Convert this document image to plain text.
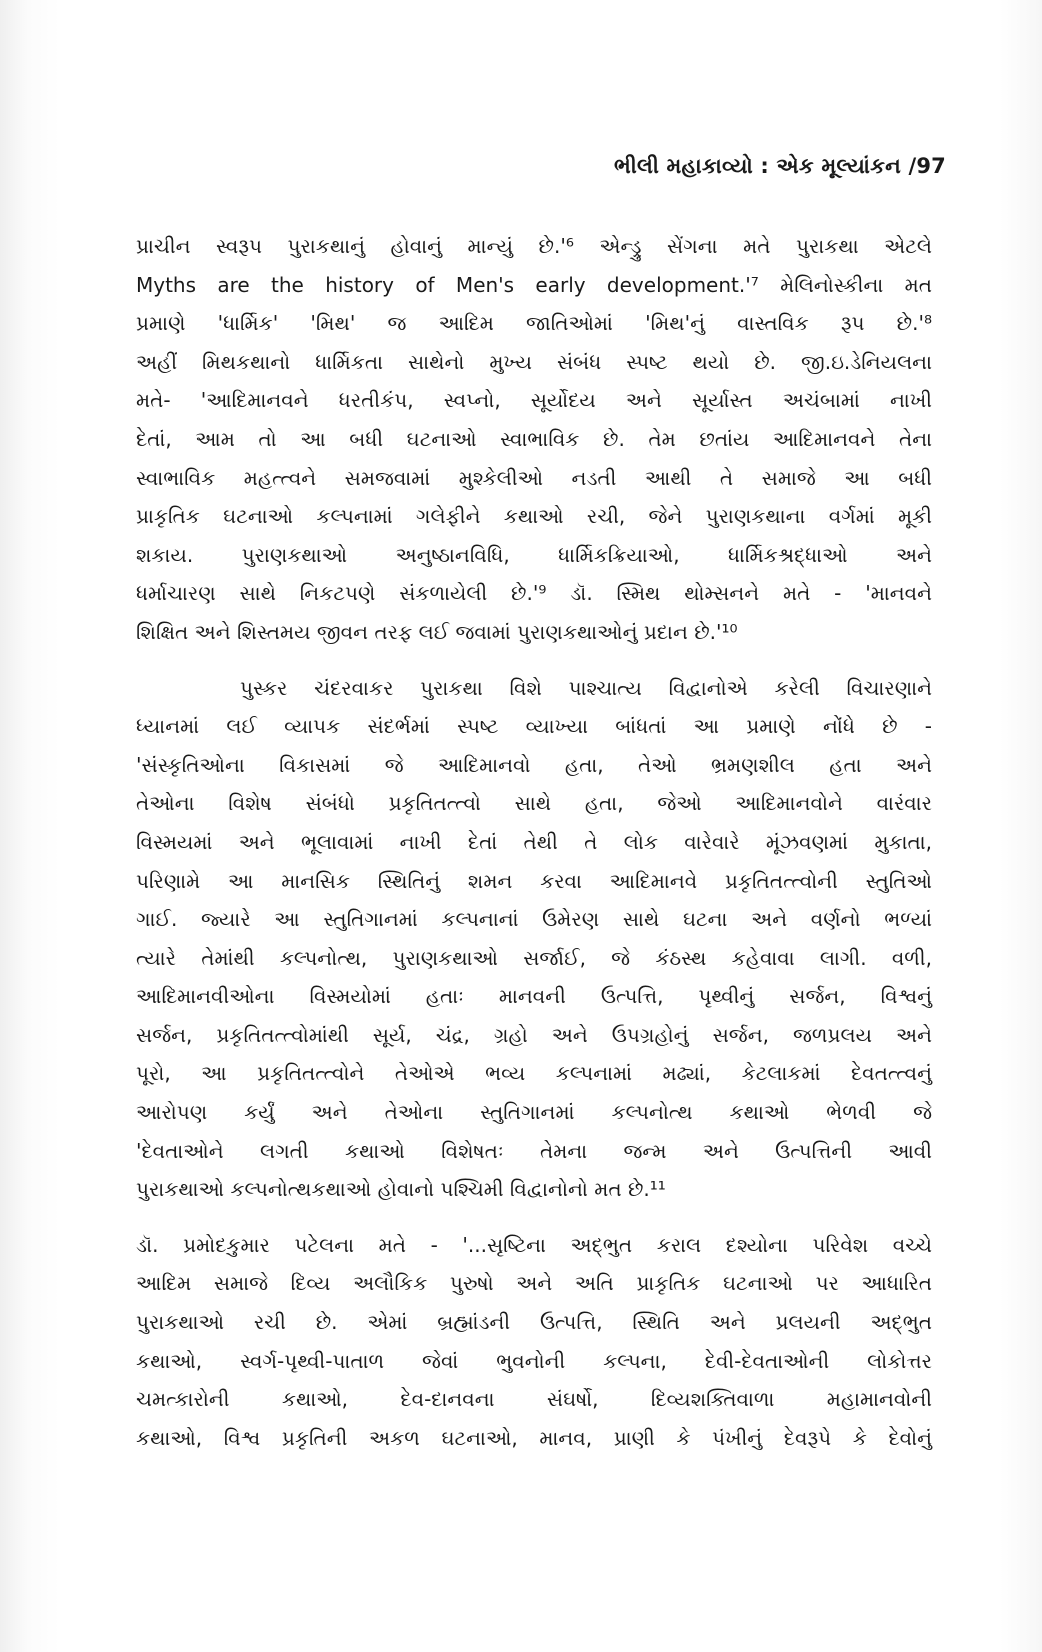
ભીલી મહાકાવ્યો : એક મૂલ્યાંકન /97
પ્રાચીન સ્વરૂપ પુરાકથાનું હોવાનું માન્યું છે.'⁶ એન્ડ્રુ સેંગના મતે પુરાકથા એટલે
Myths are the history of Men's early development.'⁷ મેલિનોસ્કીના મત
પ્રમાણે 'ધાર્મિક' 'મિથ' જ આદિમ જાતિઓમાં 'મિથ'નું વાસ્તવિક રૂપ છે.'⁸
અહીં મિથકથાનો ધાર્મિકતા સાથેનો મુખ્ય સંબંધ સ્પષ્ટ થયો છે. જી.ઇ.ડેનિયલના
મતે- 'આદિમાનવને ધરતીકંપ, સ્વપ્નો, સૂર્યોદય અને સૂર્યાસ્ત અચંબામાં નાખી
દેતાં, આમ તો આ બધી ઘટનાઓ સ્વાભાવિક છે. તેમ છતાંય આદિમાનવને તેના
સ્વાભાવિક મહત્ત્વને સમજવામાં મુશ્કેલીઓ નડતી આથી તે સમાજે આ બધી
પ્રાકૃતિક ઘટનાઓ કલ્પનામાં ગલેફીને કથાઓ રચી, જેને પુરાણકથાના વર્ગમાં મૂકી
શકાય. પુરાણકથાઓ અનુષ્ઠાનવિધિ, ધાર્મિકક્રિયાઓ, ધાર્મિકશ્રદ્ધાઓ અને
ધર્માચારણ સાથે નિકટપણે સંકળાયેલી છે.'⁹ ડૉ. સ્મિથ થોમ્સનને મતે - 'માનવને
શિક્ષિત અને શિસ્તમય જીવન તરફ લઈ જવામાં પુરાણકથાઓનું પ્રદાન છે.'¹⁰
પુસ્કર ચંદરવાકર પુરાકથા વિશે પાશ્ચાત્ય વિદ્વાનોએ કરેલી વિચારણાને
ધ્યાનમાં લઈ વ્યાપક સંદર્ભમાં સ્પષ્ટ વ્યાખ્યા બાંધતાં આ પ્રમાણે નોંધે છે -
'સંસ્કૃતિઓના વિકાસમાં જે આદિમાનવો હતા, તેઓ ભ્રમણશીલ હતા અને
તેઓના વિશેષ સંબંધો પ્રકૃતિતત્ત્વો સાથે હતા, જેઓ આદિમાનવોને વારંવાર
વિસ્મયમાં અને ભૂલાવામાં નાખી દેતાં તેથી તે લોક વારેવારે મૂંઝવણમાં મુકાતા,
પરિણામે આ માનસિક સ્થિતિનું શમન કરવા આદિમાનવે પ્રકૃતિતત્ત્વોની સ્તુતિઓ
ગાઈ. જ્યારે આ સ્તુતિગાનમાં કલ્પનાનાં ઉમેરણ સાથે ઘટના અને વર્ણનો ભળ્યાં
ત્યારે તેમાંથી કલ્પનોત્થ, પુરાણકથાઓ સર્જાઈ, જે કંઠસ્થ કહેવાવા લાગી. વળી,
આદિમાનવીઓના વિસ્મયોમાં હતાઃ માનવની ઉત્પત્તિ, પૃથ્વીનું સર્જન, વિશ્વનું
સર્જન, પ્રકૃતિતત્ત્વોમાંથી સૂર્ય, ચંદ્ર, ગ્રહો અને ઉપગ્રહોનું સર્જન, જળપ્રલય અને
પૂરો, આ પ્રકૃતિતત્ત્વોને તેઓએ ભવ્ય કલ્પનામાં મઢ્યાં, કેટલાકમાં દેવતત્ત્વનું
આરોપણ કર્યું અને તેઓના સ્તુતિગાનમાં કલ્પનોત્થ કથાઓ ભેળવી જે
'દેવતાઓને લગતી કથાઓ વિશેષતઃ તેમના જન્મ અને ઉત્પત્તિની આવી
પુરાકથાઓ કલ્પનોત્થકથાઓ હોવાનો પશ્ચિમી વિદ્વાનોનો મત છે.¹¹
ડૉ. પ્રમોદકુમાર પટેલના મતે - '...સૃષ્ટિના અદ્ભુત કરાલ દશ્યોના પરિવેશ વચ્ચે
આદિમ સમાજે દિવ્ય અલૌકિક પુરુષો અને અતિ પ્રાકૃતિક ઘટનાઓ પર આધારિત
પુરાકથાઓ રચી છે. એમાં બ્રહ્માંડની ઉત્પત્તિ, સ્થિતિ અને પ્રલયની અદ્ભુત
કથાઓ, સ્વર્ગ-પૃથ્વી-પાતાળ જેવાં ભુવનોની કલ્પના, દેવી-દેવતાઓની લોકોત્તર
ચમત્કારોની કથાઓ, દેવ-દાનવના સંઘર્ષો, દિવ્યશક્તિવાળા મહામાનવોની
કથાઓ, વિશ્વ પ્રકૃતિની અકળ ઘટનાઓ, માનવ, પ્રાણી કે પંખીનું દેવરૂપે કે દેવોનું
